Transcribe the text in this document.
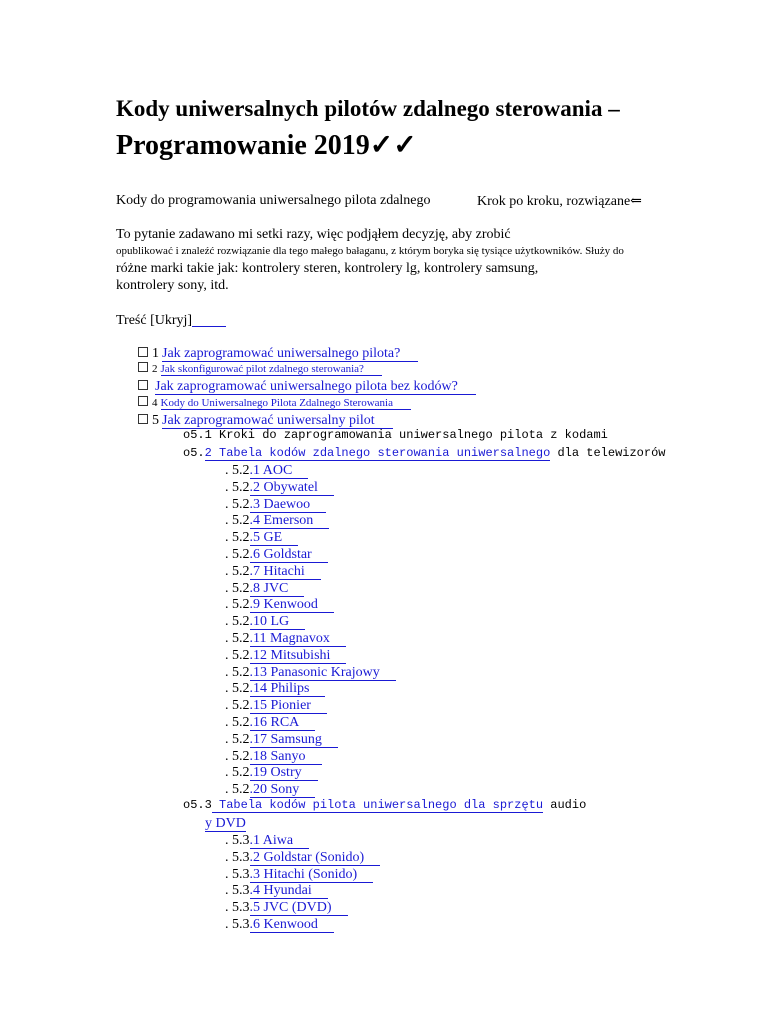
Kody uniwersalnych pilotów zdalnego sterowania –
Programowanie 2019✓✓
Kody do programowania uniwersalnego pilota zdalnego	Krok po kroku, rozwiązane⇐
To pytanie zadawano mi setki razy, więc podjąłem decyzję, aby zrobić
opublikować i znaleźć rozwiązanie dla tego małego bałaganu, z którym boryka się tysiące użytkowników. Służy do
różne marki takie jak: kontrolery steren, kontrolery lg, kontrolery samsung,
kontrolery sony, itd.
Treść [Ukryj]
1 Jak zaprogramować uniwersalnego pilota?
2 Jak skonfigurować pilot zdalnego sterowania?
Jak zaprogramować uniwersalnego pilota bez kodów?
4 Kody do Uniwersalnego Pilota Zdalnego Sterowania
5 Jak zaprogramować uniwersalny pilot
o5.1 Kroki do zaprogramowania uniwersalnego pilota z kodami
o5.2 Tabela kodów zdalnego sterowania uniwersalnego dla telewizorów
. 5.2.1 AOC
. 5.2.2 Obywatel
. 5.2.3 Daewoo
. 5.2.4 Emerson
. 5.2.5 GE
. 5.2.6 Goldstar
. 5.2.7 Hitachi
. 5.2.8 JVC
. 5.2.9 Kenwood
. 5.2.10 LG
. 5.2.11 Magnavox
. 5.2.12 Mitsubishi
. 5.2.13 Panasonic Krajowy
. 5.2.14 Philips
. 5.2.15 Pionier
. 5.2.16 RCA
. 5.2.17 Samsung
. 5.2.18 Sanyo
. 5.2.19 Ostry
. 5.2.20 Sony
o5.3 Tabela kodów pilota uniwersalnego dla sprzętu audio
y DVD
. 5.3.1 Aiwa
. 5.3.2 Goldstar (Sonido)
. 5.3.3 Hitachi (Sonido)
. 5.3.4 Hyundai
. 5.3.5 JVC (DVD)
. 5.3.6 Kenwood
